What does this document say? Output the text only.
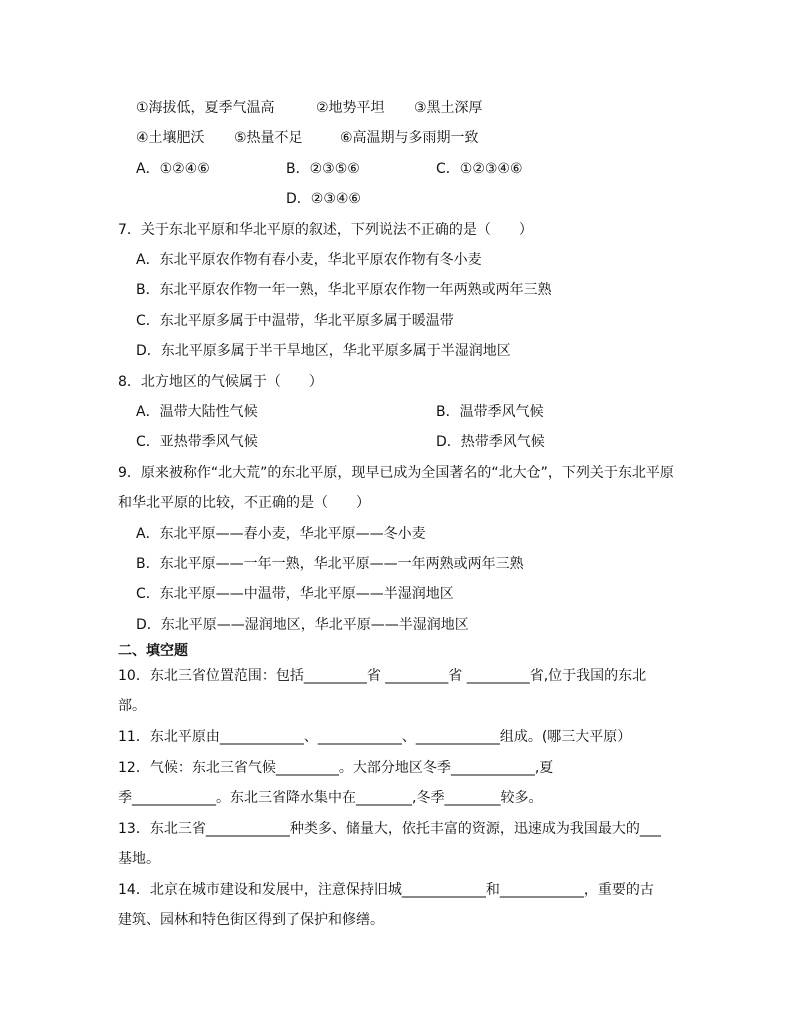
①海拔低，夏季气温高	②地势平坦 ③黑土深厚
④土壤肥沃 ⑤热量不足	⑥高温期与多雨期一致
A．①②④⑥	B．②③⑤⑥	C．①②③④⑥
D．②③④⑥
7．关于东北平原和华北平原的叙述，下列说法不正确的是（　　）
A．东北平原农作物有春小麦，华北平原农作物有冬小麦
B．东北平原农作物一年一熟，华北平原农作物一年两熟或两年三熟
C．东北平原多属于中温带，华北平原多属于暖温带
D．东北平原多属于半干旱地区，华北平原多属于半湿润地区
8．北方地区的气候属于（　　）
A．温带大陆性气候	B．温带季风气候
C．亚热带季风气候	D．热带季风气候
9．原来被称作“北大荒”的东北平原，现早已成为全国著名的“北大仓”，下列关于东北平原
和华北平原的比较，不正确的是（　　）
A．东北平原——春小麦，华北平原——冬小麦
B．东北平原——一年一熟，华北平原——一年两熟或两年三熟
C．东北平原——中温带，华北平原——半湿润地区
D．东北平原——湿润地区，华北平原——半湿润地区
二、填空题
10．东北三省位置范围：包括_________省 _________省 _________省,位于我国的东北
部。
11．东北平原由____________、____________、____________组成。(哪三大平原）
12．气候：东北三省气候_________。大部分地区冬季____________,夏
季____________。东北三省降水集中在________,冬季________较多。
13．东北三省____________种类多、储量大，依托丰富的资源，迅速成为我国最大的___
基地。
14．北京在城市建设和发展中，注意保持旧城____________和____________，重要的古
建筑、园林和特色街区得到了保护和修缮。
